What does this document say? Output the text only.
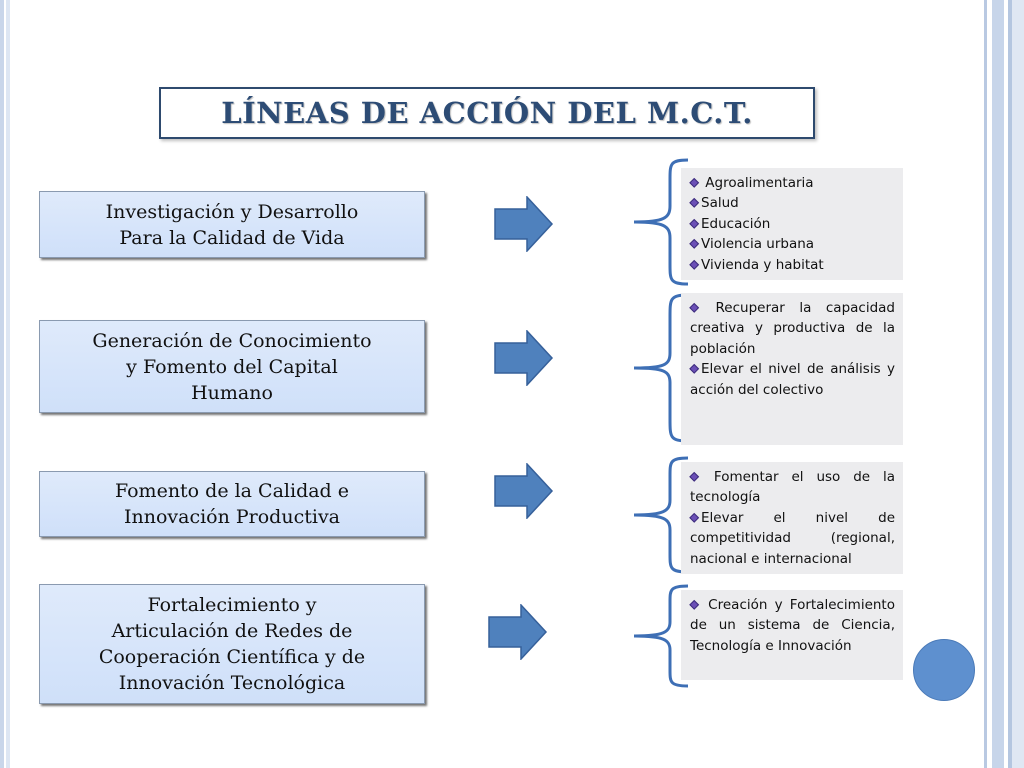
LÍNEAS DE ACCIÓN DEL M.C.T.
Investigación y Desarrollo
Para la Calidad de Vida
Agroalimentaria
Salud
Educación
Violencia urbana
Vivienda y habitat
Generación de Conocimiento
y Fomento del Capital
Humano
Recuperar la capacidad creativa y productiva de la población
Elevar el nivel de análisis y acción del colectivo
Fomento de la Calidad e
Innovación Productiva
Fomentar el uso de la tecnología
Elevar el nivel de competitividad (regional, nacional e internacional
Fortalecimiento y
Articulación de Redes de
Cooperación Científica y de
Innovación Tecnológica
Creación y Fortalecimiento de un sistema de Ciencia, Tecnología e Innovación
